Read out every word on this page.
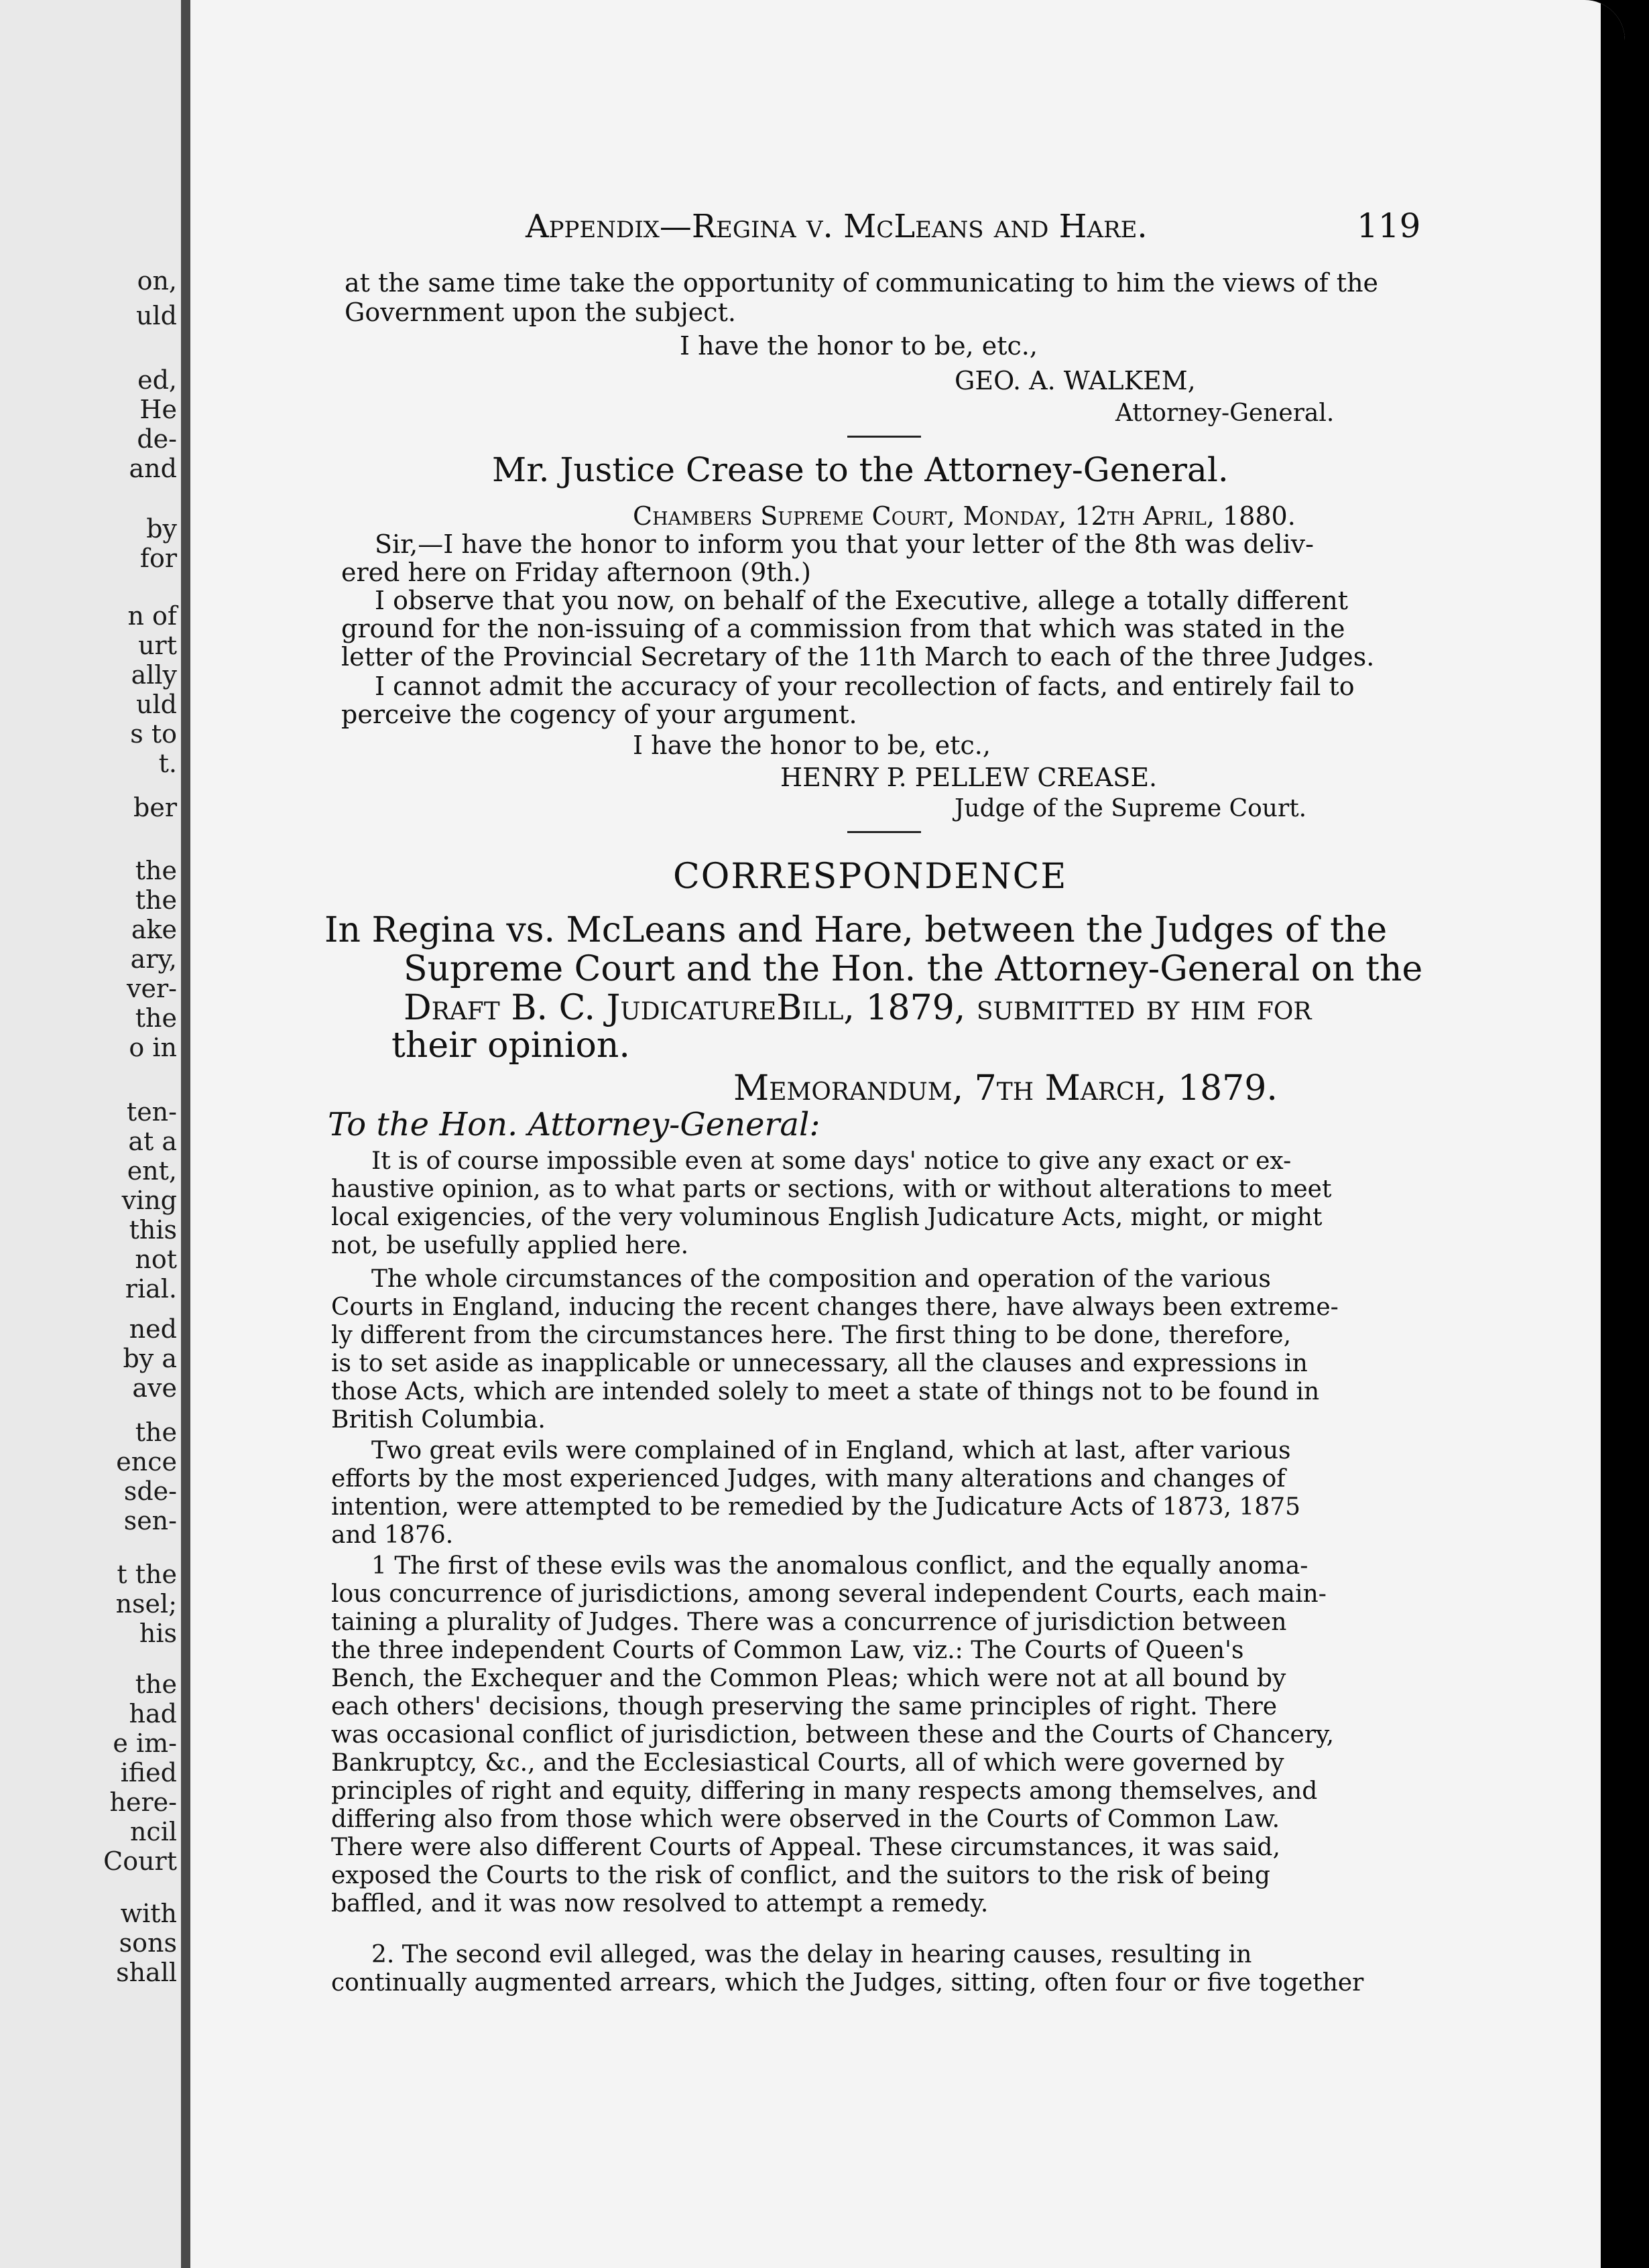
on,
uld
ed,
He
de-
and
by
for
n of
urt
ally
uld
s to
t.
ber
the
the
ake
ary,
ver-
the
o in
ten-
at a
ent,
ving
this
not
rial.
ned
by a
ave
the
ence
sde-
sen-
t the
nsel;
his
the
had
e im-
ified
here-
ncil
Court
with
sons
shall
Appendix—Regina v. McLeans and Hare.	119
at the same time take the opportunity of communicating to him the views of the
Government upon the subject.
I have the honor to be, etc.,
GEO. A. WALKEM,
Attorney-General.
Mr. Justice Crease to the Attorney-General.
Chambers Supreme Court, Monday, 12th April, 1880.
Sir,—I have the honor to inform you that your letter of the 8th was deliv-
ered here on Friday afternoon (9th.)
I observe that you now, on behalf of the Executive, allege a totally different
ground for the non-issuing of a commission from that which was stated in the
letter of the Provincial Secretary of the 11th March to each of the three Judges.
I cannot admit the accuracy of your recollection of facts, and entirely fail to
perceive the cogency of your argument.
I have the honor to be, etc.,
HENRY P. PELLEW CREASE.
Judge of the Supreme Court.
CORRESPONDENCE
In Regina vs. McLeans and Hare, between the Judges of the
Supreme Court and the Hon. the Attorney-General on the
Draft B. C. JudicatureBill, 1879, submitted by him for
their opinion.
Memorandum, 7th March, 1879.
To the Hon. Attorney-General:
It is of course impossible even at some days' notice to give any exact or ex-
haustive opinion, as to what parts or sections, with or without alterations to meet
local exigencies, of the very voluminous English Judicature Acts, might, or might
not, be usefully applied here.
The whole circumstances of the composition and operation of the various
Courts in England, inducing the recent changes there, have always been extreme-
ly different from the circumstances here. The first thing to be done, therefore,
is to set aside as inapplicable or unnecessary, all the clauses and expressions in
those Acts, which are intended solely to meet a state of things not to be found in
British Columbia.
Two great evils were complained of in England, which at last, after various
efforts by the most experienced Judges, with many alterations and changes of
intention, were attempted to be remedied by the Judicature Acts of 1873, 1875
and 1876.
1 The first of these evils was the anomalous conflict, and the equally anoma-
lous concurrence of jurisdictions, among several independent Courts, each main-
taining a plurality of Judges. There was a concurrence of jurisdiction between
the three independent Courts of Common Law, viz.: The Courts of Queen's
Bench, the Exchequer and the Common Pleas; which were not at all bound by
each others' decisions, though preserving the same principles of right. There
was occasional conflict of jurisdiction, between these and the Courts of Chancery,
Bankruptcy, &c., and the Ecclesiastical Courts, all of which were governed by
principles of right and equity, differing in many respects among themselves, and
differing also from those which were observed in the Courts of Common Law.
There were also different Courts of Appeal. These circumstances, it was said,
exposed the Courts to the risk of conflict, and the suitors to the risk of being
baffled, and it was now resolved to attempt a remedy.
2. The second evil alleged, was the delay in hearing causes, resulting in
continually augmented arrears, which the Judges, sitting, often four or five together
